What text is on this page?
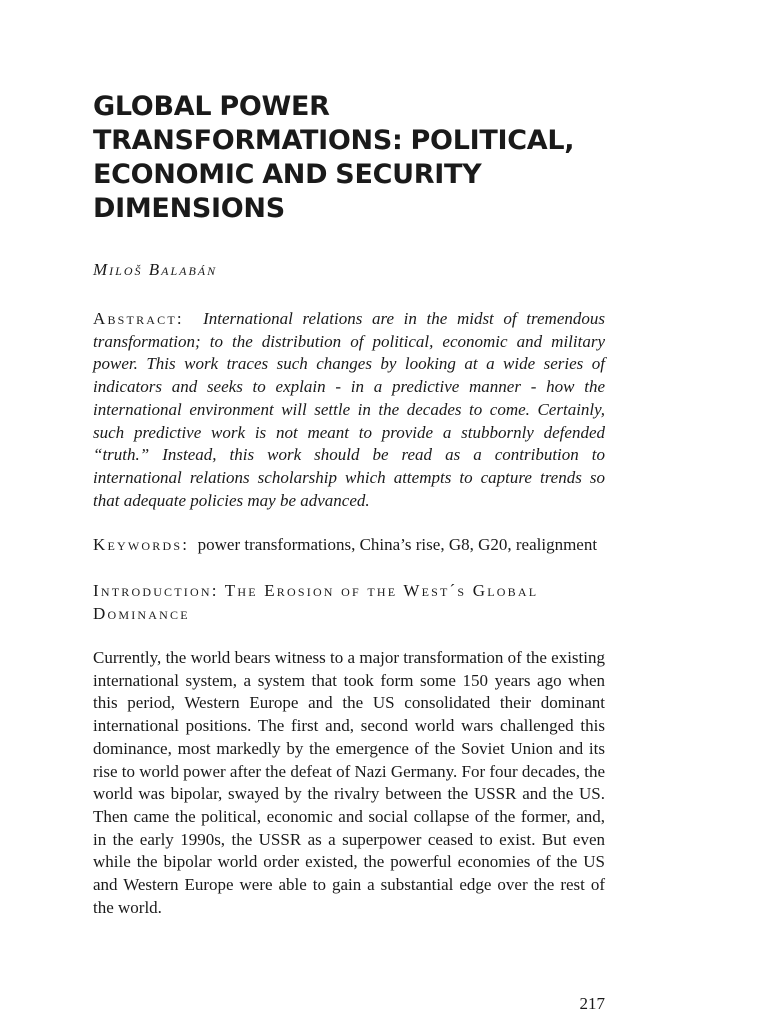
GLOBAL POWER TRANSFORMATIONS: POLITICAL, ECONOMIC AND SECURITY DIMENSIONS
Miloš Balabán

Abstract: International relations are in the midst of tremendous transformation; to the distribution of political, economic and military power. This work traces such changes by looking at a wide series of indicators and seeks to explain - in a predictive manner - how the international environment will settle in the decades to come. Certainly, such predictive work is not meant to provide a stubbornly defended “truth.” Instead, this work should be read as a contribution to international relations scholarship which attempts to capture trends so that adequate policies may be advanced.

Keywords: power transformations, China’s rise, G8, G20, realignment

Introduction: The Erosion of the West´s Global Dominance

Currently, the world bears witness to a major transformation of the existing international system, a system that took form some 150 years ago when this period, Western Europe and the US consolidated their dominant international positions. The first and, second world wars challenged this dominance, most markedly by the emergence of the Soviet Union and its rise to world power after the defeat of Nazi Germany. For four decades, the world was bipolar, swayed by the rivalry between the USSR and the US. Then came the political, economic and social collapse of the former, and, in the early 1990s, the USSR as a superpower ceased to exist. But even while the bipolar world order existed, the powerful economies of the US and Western Europe were able to gain a substantial edge over the rest of the world.

217
